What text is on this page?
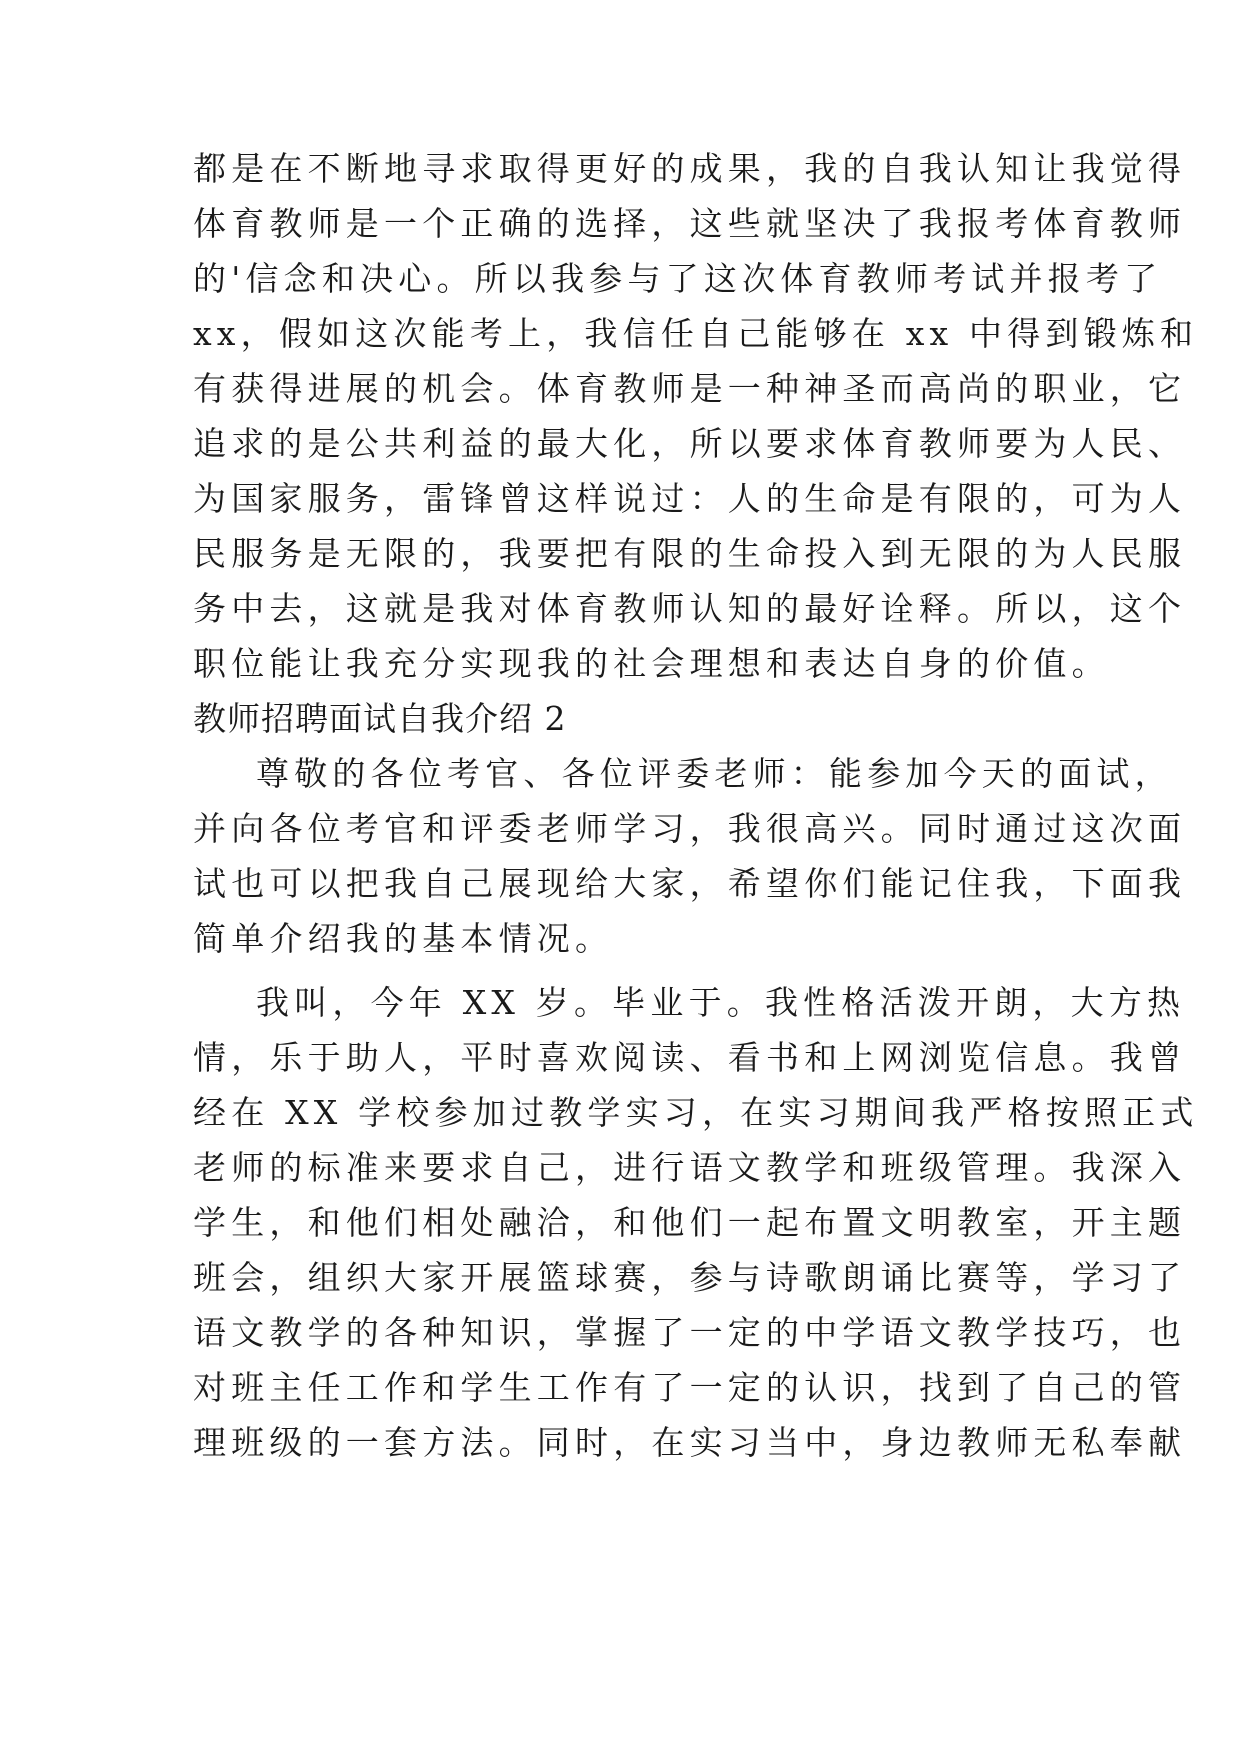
都是在不断地寻求取得更好的成果，我的自我认知让我觉得

体育教师是一个正确的选择，这些就坚决了我报考体育教师

的'信念和决心。所以我参与了这次体育教师考试并报考了

xx，假如这次能考上，我信任自己能够在 xx 中得到锻炼和

有获得进展的机会。体育教师是一种神圣而高尚的职业，它

追求的是公共利益的最大化，所以要求体育教师要为人民、

为国家服务，雷锋曾这样说过：人的生命是有限的，可为人

民服务是无限的，我要把有限的生命投入到无限的为人民服

务中去，这就是我对体育教师认知的最好诠释。所以，这个

职位能让我充分实现我的社会理想和表达自身的价值。

教师招聘面试自我介绍 2

尊敬的各位考官、各位评委老师：能参加今天的面试，

并向各位考官和评委老师学习，我很高兴。同时通过这次面

试也可以把我自己展现给大家，希望你们能记住我，下面我

简单介绍我的基本情况。

我叫，今年 XX 岁。毕业于。我性格活泼开朗，大方热

情，乐于助人，平时喜欢阅读、看书和上网浏览信息。我曾

经在 XX 学校参加过教学实习，在实习期间我严格按照正式

老师的标准来要求自己，进行语文教学和班级管理。我深入

学生，和他们相处融洽，和他们一起布置文明教室，开主题

班会，组织大家开展篮球赛，参与诗歌朗诵比赛等，学习了

语文教学的各种知识，掌握了一定的中学语文教学技巧，也

对班主任工作和学生工作有了一定的认识，找到了自己的管

理班级的一套方法。同时，在实习当中，身边教师无私奉献
